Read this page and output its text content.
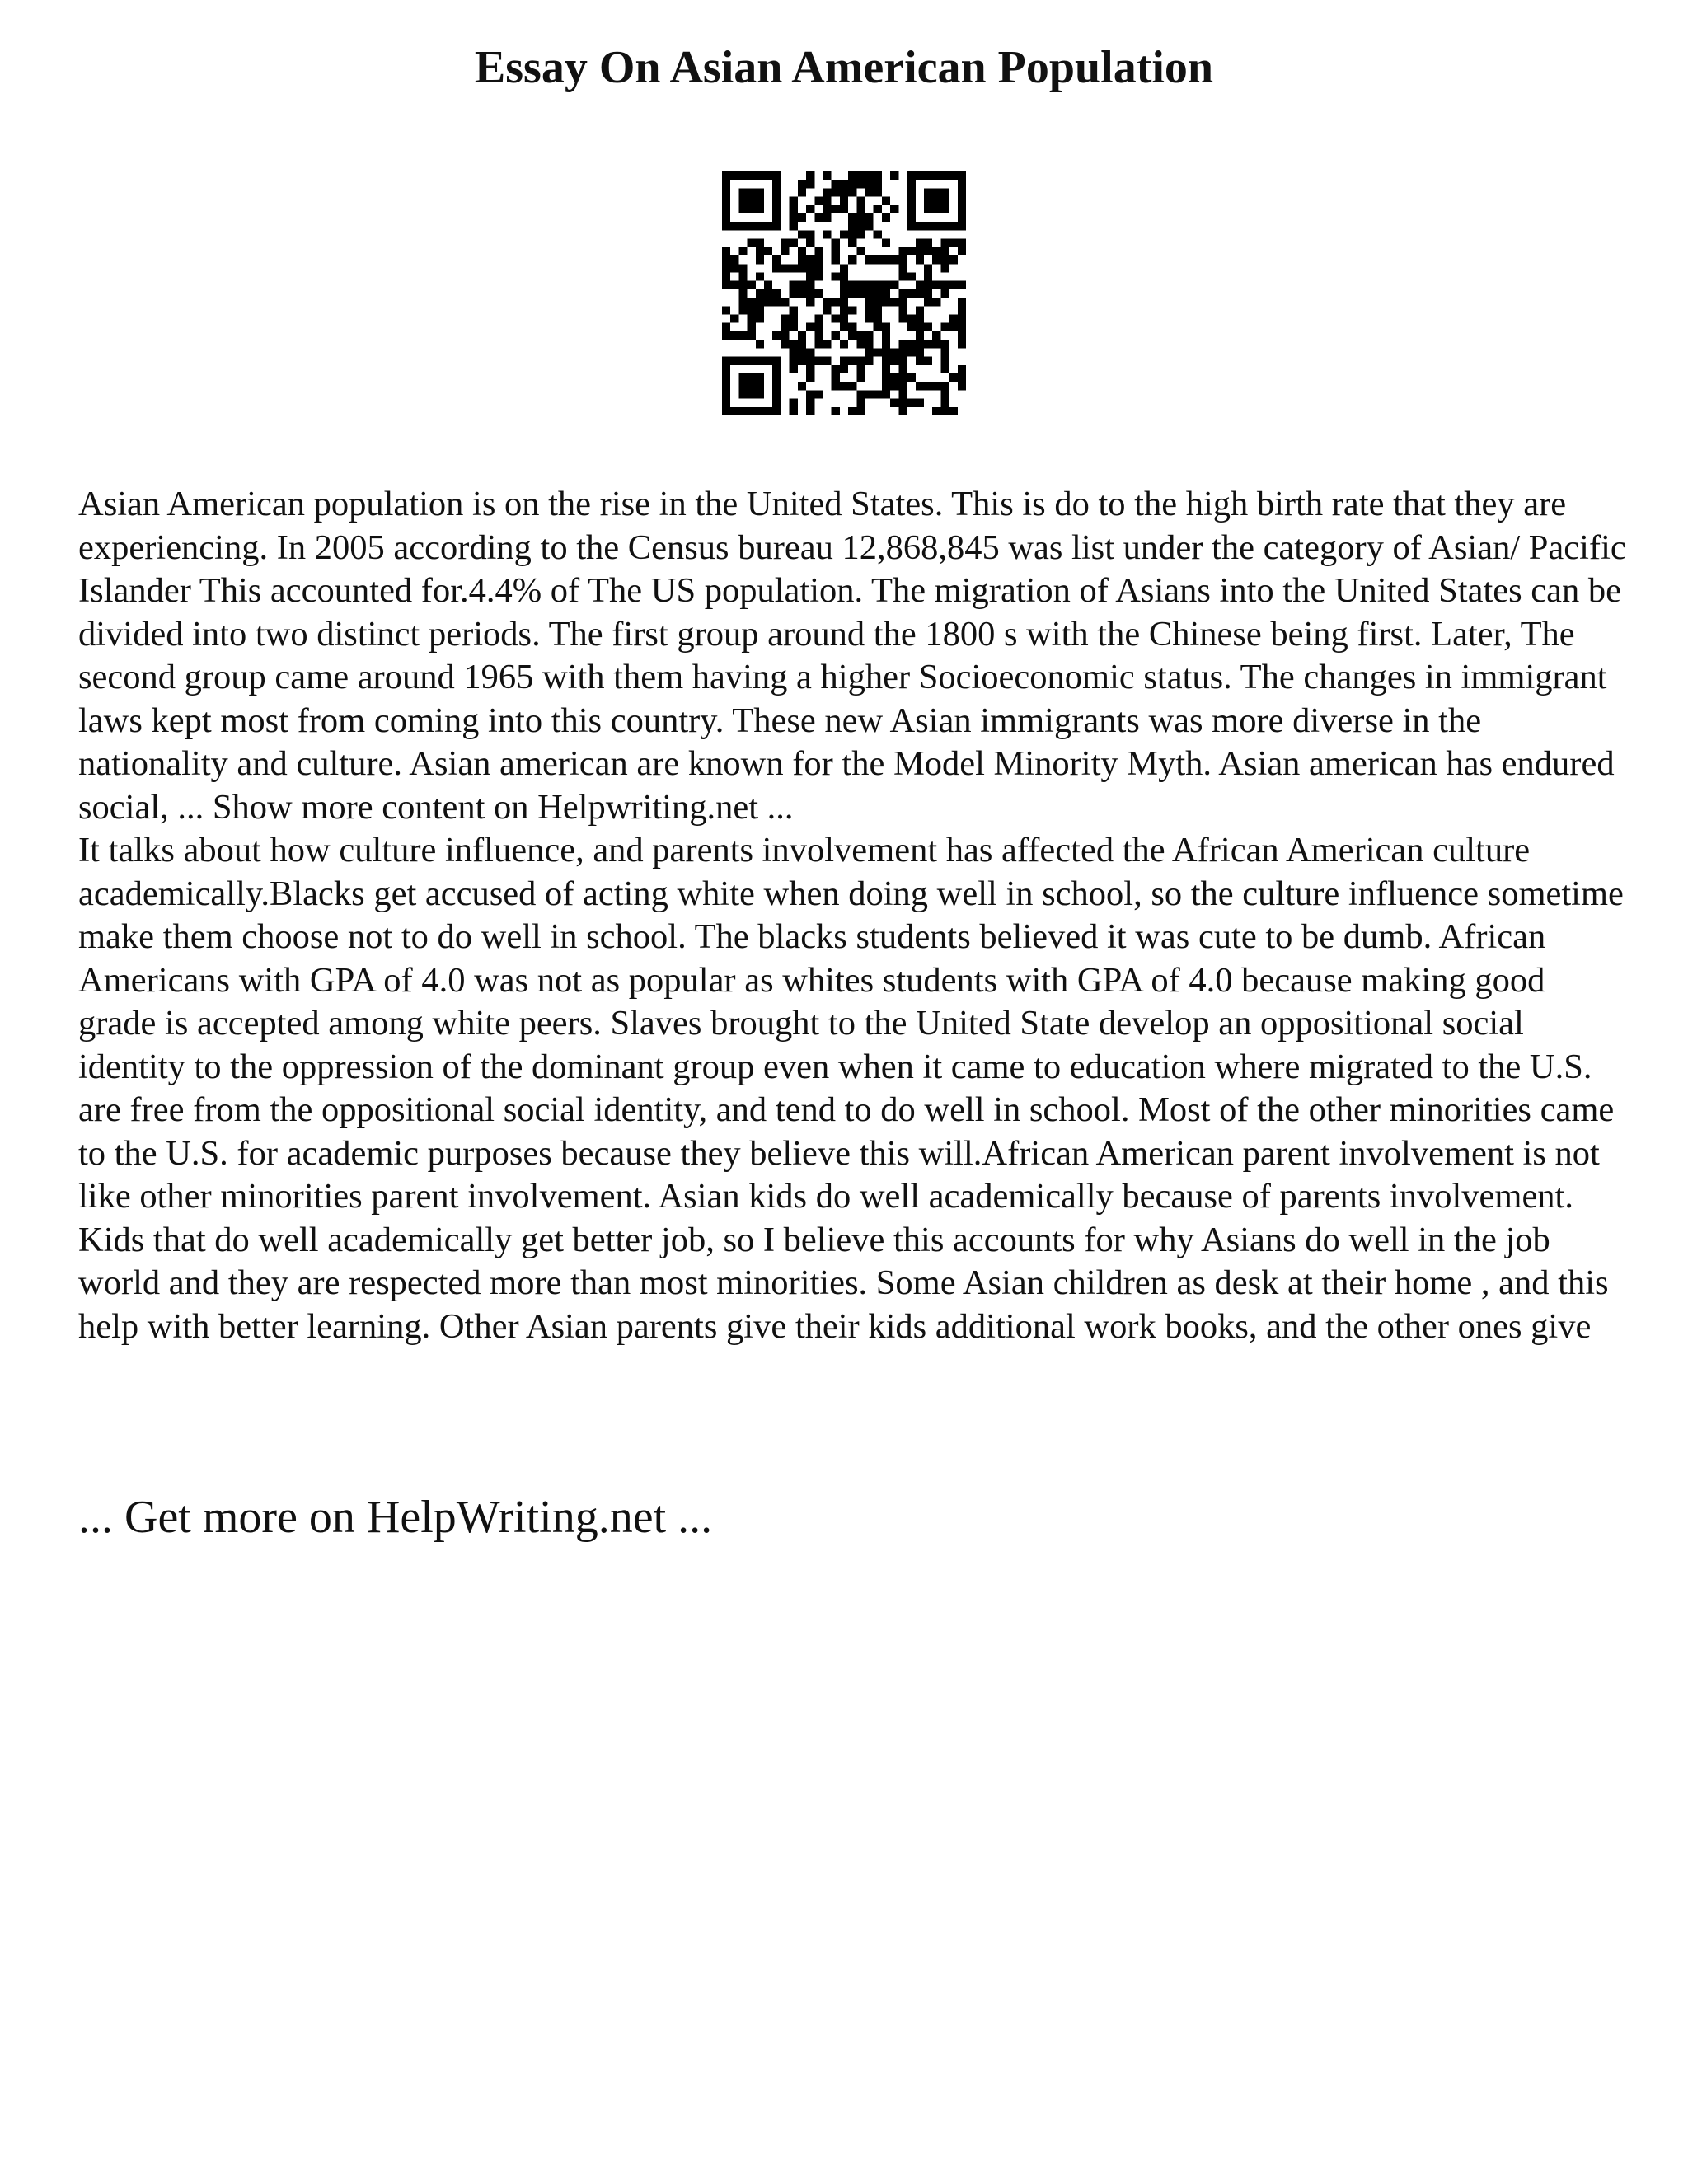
Essay On Asian American Population

Asian American population is on the rise in the United States. This is do to the high birth rate that they are experiencing. In 2005 according to the Census bureau 12,868,845 was list under the category of Asian/ Pacific Islander This accounted for.4.4% of The US population. The migration of Asians into the United States can be divided into two distinct periods. The first group around the 1800 s with the Chinese being first. Later, The second group came around 1965 with them having a higher Socioeconomic status. The changes in immigrant laws kept most from coming into this country. These new Asian immigrants was more diverse in the nationality and culture. Asian american are known for the Model Minority Myth. Asian american has endured social, ... Show more content on Helpwriting.net ...

It talks about how culture influence, and parents involvement has affected the African American culture academically.Blacks get accused of acting white when doing well in school, so the culture influence sometime make them choose not to do well in school. The blacks students believed it was cute to be dumb. African Americans with GPA of 4.0 was not as popular as whites students with GPA of 4.0 because making good grade is accepted among white peers. Slaves brought to the United State develop an oppositional social identity to the oppression of the dominant group even when it came to education where migrated to the U.S. are free from the oppositional social identity, and tend to do well in school. Most of the other minorities came to the U.S. for academic purposes because they believe this will.African American parent involvement is not like other minorities parent involvement. Asian kids do well academically because of parents involvement. Kids that do well academically get better job, so I believe this accounts for why Asians do well in the job world and they are respected more than most minorities. Some Asian children as desk at their home , and this help with better learning. Other Asian parents give their kids additional work books, and the other ones give

... Get more on HelpWriting.net ...
